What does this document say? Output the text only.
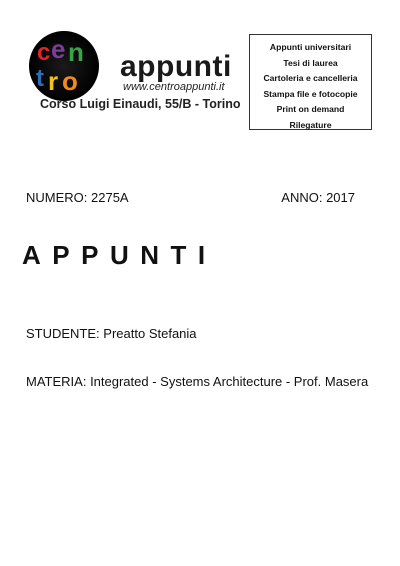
c e n
t r o appunti
www.centroappunti.it
Corso Luigi Einaudi, 55/B - Torino
Appunti universitari
Tesi di laurea
Cartoleria e cancelleria
Stampa file e fotocopie
Print on demand
Rilegature
NUMERO: 2275A	ANNO: 2017
APPUNTI
STUDENTE: Preatto Stefania
MATERIA: Integrated - Systems Architecture - Prof. Masera
